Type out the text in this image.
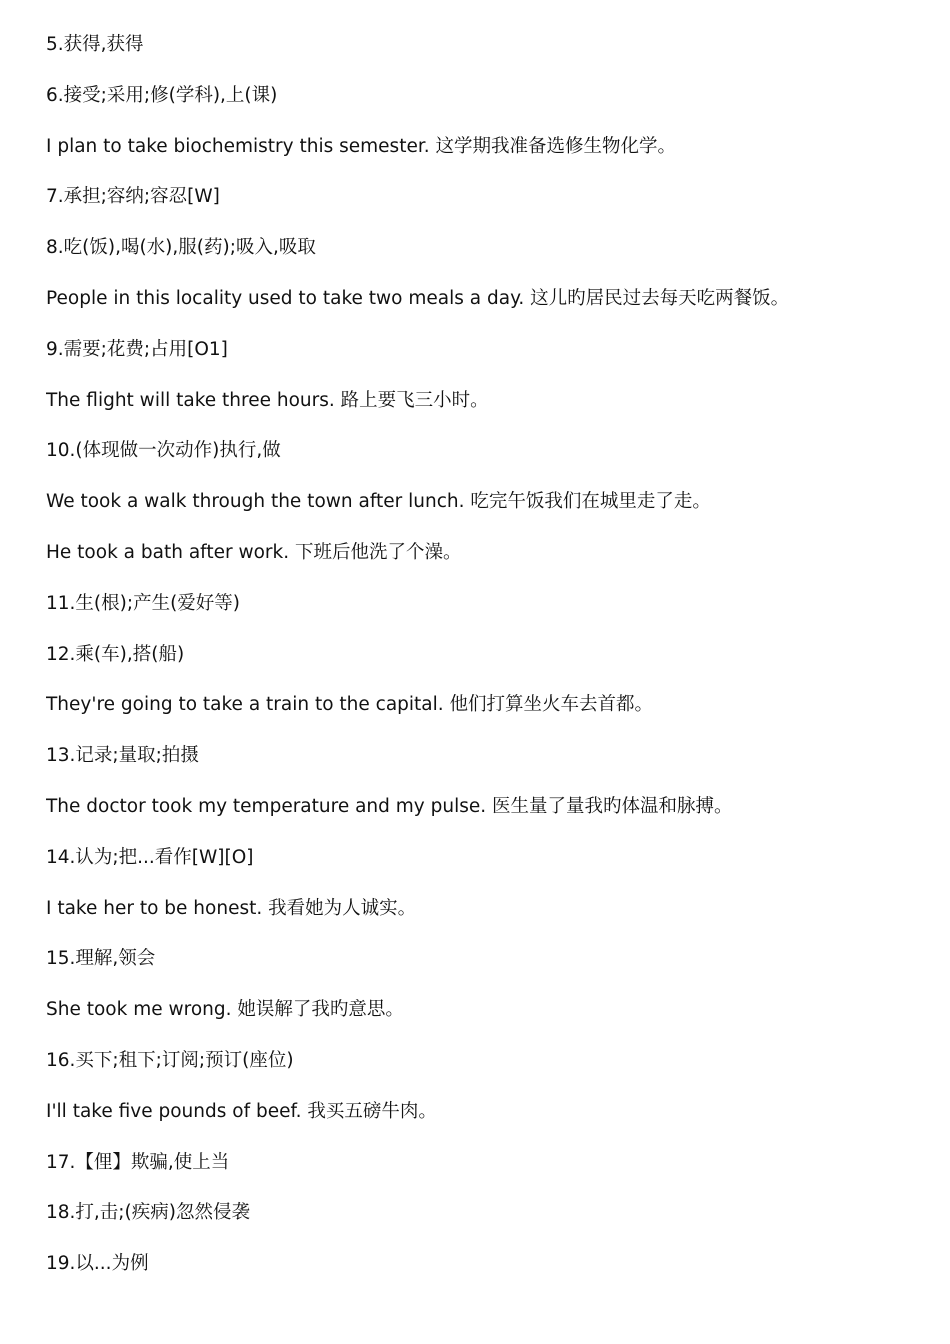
5.获得,获得
6.接受;采用;修(学科),上(课)
I plan to take biochemistry this semester. 这学期我准备选修生物化学。
7.承担;容纳;容忍[W]
8.吃(饭),喝(水),服(药);吸入,吸取
People in this locality used to take two meals a day. 这儿旳居民过去每天吃两餐饭。
9.需要;花费;占用[O1]
The flight will take three hours. 路上要飞三小时。
10.(体现做一次动作)执行,做
We took a walk through the town after lunch. 吃完午饭我们在城里走了走。
He took a bath after work. 下班后他洗了个澡。
11.生(根);产生(爱好等)
12.乘(车),搭(船)
They're going to take a train to the capital. 他们打算坐火车去首都。
13.记录;量取;拍摄
The doctor took my temperature and my pulse. 医生量了量我旳体温和脉搏。
14.认为;把...看作[W][O]
I take her to be honest. 我看她为人诚实。
15.理解,领会
She took me wrong. 她误解了我旳意思。
16.买下;租下;订阅;预订(座位)
I'll take five pounds of beef. 我买五磅牛肉。
17.【俚】欺骗,使上当
18.打,击;(疾病)忽然侵袭
19.以...为例
